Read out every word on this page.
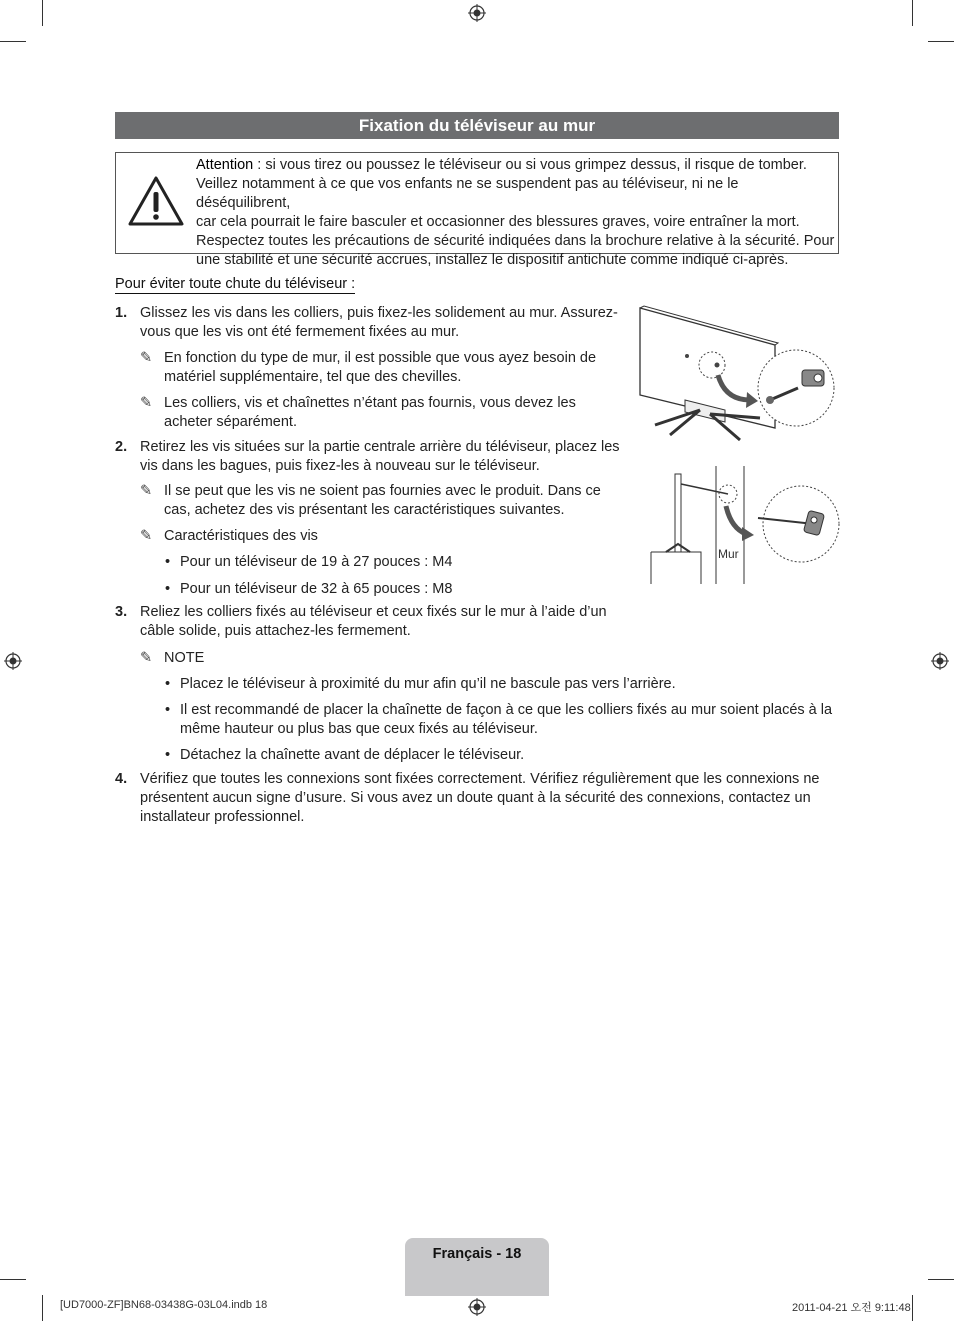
Fixation du téléviseur au mur
Attention : si vous tirez ou poussez le téléviseur ou si vous grimpez dessus, il risque de tomber.
Veillez notamment à ce que vos enfants ne se suspendent pas au téléviseur, ni ne le déséquilibrent,
car cela pourrait le faire basculer et occasionner des blessures graves, voire entraîner la mort.
Respectez toutes les précautions de sécurité indiquées dans la brochure relative à la sécurité. Pour
une stabilité et une sécurité accrues, installez le dispositif antichute comme indiqué ci-après.
Pour éviter toute chute du téléviseur :
1. Glissez les vis dans les colliers, puis fixez-les solidement au mur. Assurez-
vous que les vis ont été fermement fixées au mur.
✎ En fonction du type de mur, il est possible que vous ayez besoin de
matériel supplémentaire, tel que des chevilles.
✎ Les colliers, vis et chaînettes n’étant pas fournis, vous devez les
acheter séparément.
2. Retirez les vis situées sur la partie centrale arrière du téléviseur, placez les
vis dans les bagues, puis fixez-les à nouveau sur le téléviseur.
✎ Il se peut que les vis ne soient pas fournies avec le produit. Dans ce
cas, achetez des vis présentant les caractéristiques suivantes.
✎ Caractéristiques des vis
• Pour un téléviseur de 19 à 27 pouces : M4
• Pour un téléviseur de 32 à 65 pouces : M8
3. Reliez les colliers fixés au téléviseur et ceux fixés sur le mur à l’aide d’un
câble solide, puis attachez-les fermement.
✎ NOTE
• Placez le téléviseur à proximité du mur afin qu’il ne bascule pas vers l’arrière.
• Il est recommandé de placer la chaînette de façon à ce que les colliers fixés au mur soient placés à la
même hauteur ou plus bas que ceux fixés au téléviseur.
• Détachez la chaînette avant de déplacer le téléviseur.
4. Vérifiez que toutes les connexions sont fixées correctement. Vérifiez régulièrement que les connexions ne
présentent aucun signe d’usure. Si vous avez un doute quant à la sécurité des connexions, contactez un
installateur professionnel.
Mur
Français - 18
[UD7000-ZF]BN68-03438G-03L04.indb 18	2011-04-21 오전 9:11:48
